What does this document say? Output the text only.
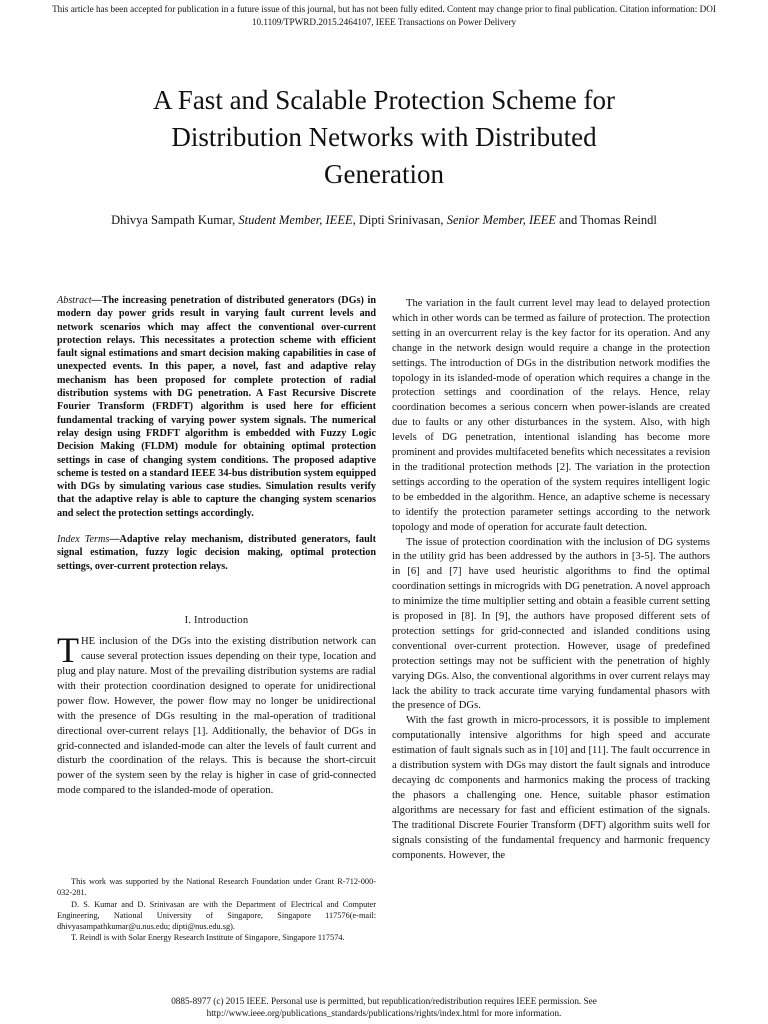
This article has been accepted for publication in a future issue of this journal, but has not been fully edited. Content may change prior to final publication. Citation information: DOI
10.1109/TPWRD.2015.2464107, IEEE Transactions on Power Delivery
A Fast and Scalable Protection Scheme for
Distribution Networks with Distributed
Generation
Dhivya Sampath Kumar, Student Member, IEEE, Dipti Srinivasan, Senior Member, IEEE and Thomas Reindl

Abstract—The increasing penetration of distributed generators (DGs) in modern day power grids result in varying fault current levels and network scenarios which may affect the conventional over-current protection relays. This necessitates a protection scheme with efficient fault signal estimations and smart decision making capabilities in case of unexpected events. In this paper, a novel, fast and adaptive relay mechanism has been proposed for complete protection of radial distribution systems with DG penetration. A Fast Recursive Discrete Fourier Transform (FRDFT) algorithm is used here for efficient fundamental tracking of varying power system signals. The numerical relay design using FRDFT algorithm is embedded with Fuzzy Logic Decision Making (FLDM) module for obtaining optimal protection settings in case of changing system conditions. The proposed adaptive scheme is tested on a standard IEEE 34-bus distribution system equipped with DGs by simulating various case studies. Simulation results verify that the adaptive relay is able to capture the changing system scenarios and select the protection settings accordingly.

Index Terms—Adaptive relay mechanism, distributed generators, fault signal estimation, fuzzy logic decision making, optimal protection settings, over-current protection relays.

I. Introduction

THE inclusion of the DGs into the existing distribution network can cause several protection issues depending on their type, location and plug and play nature. Most of the prevailing distribution systems are radial with their protection coordination designed to operate for unidirectional power flow. However, the power flow may no longer be unidirectional with the presence of DGs resulting in the mal-operation of traditional directional over-current relays [1]. Additionally, the behavior of DGs in grid-connected and islanded-mode can alter the levels of fault current and disturb the coordination of the relays. This is because the short-circuit power of the system seen by the relay is higher in case of grid-connected mode compared to the islanded-mode of operation.

This work was supported by the National Research Foundation under Grant R-712-000-032-281.

D. S. Kumar and D. Srinivasan are with the Department of Electrical and Computer Engineering, National University of Singapore, Singapore 117576(e-mail: dhivyasampathkumar@u.nus.edu; dipti@nus.edu.sg).

T. Reindl is with Solar Energy Research Institute of Singapore, Singapore 117574.

The variation in the fault current level may lead to delayed protection which in other words can be termed as failure of protection. The protection setting in an overcurrent relay is the key factor for its operation. And any change in the network design would require a change in the protection settings. The introduction of DGs in the distribution network modifies the topology in its islanded-mode of operation which requires a change in the protection settings and coordination of the relays. Hence, relay coordination becomes a serious concern when power-islands are created due to faults or any other disturbances in the system. Also, with high levels of DG penetration, intentional islanding has become more prominent and provides multifaceted benefits which necessitates a revision in the traditional protection methods [2]. The variation in the protection settings according to the operation of the system requires intelligent logic to be embedded in the algorithm. Hence, an adaptive scheme is necessary to identify the protection parameter settings according to the network topology and mode of operation for accurate fault detection.

The issue of protection coordination with the inclusion of DG systems in the utility grid has been addressed by the authors in [3-5]. The authors in [6] and [7] have used heuristic algorithms to find the optimal coordination settings in microgrids with DG penetration. A novel approach to minimize the time multiplier setting and obtain a feasible current setting is proposed in [8]. In [9], the authors have proposed different sets of protection settings for grid-connected and islanded conditions using conventional over-current protection. However, usage of predefined protection settings may not be sufficient with the penetration of highly varying DGs. Also, the conventional algorithms in over current relays may lack the ability to track accurate time varying fundamental phasors with the presence of DGs.

With the fast growth in micro-processors, it is possible to implement computationally intensive algorithms for high speed and accurate estimation of fault signals such as in [10] and [11]. The fault occurrence in a distribution system with DGs may distort the fault signals and introduce decaying dc components and harmonics making the process of tracking the phasors a challenging one. Hence, suitable phasor estimation algorithms are necessary for fast and efficient estimation of the signals. The traditional Discrete Fourier Transform (DFT) algorithm suits well for signals consisting of the fundamental frequency and harmonic frequency components. However, the

0885-8977 (c) 2015 IEEE. Personal use is permitted, but republication/redistribution requires IEEE permission. See
http://www.ieee.org/publications_standards/publications/rights/index.html for more information.
